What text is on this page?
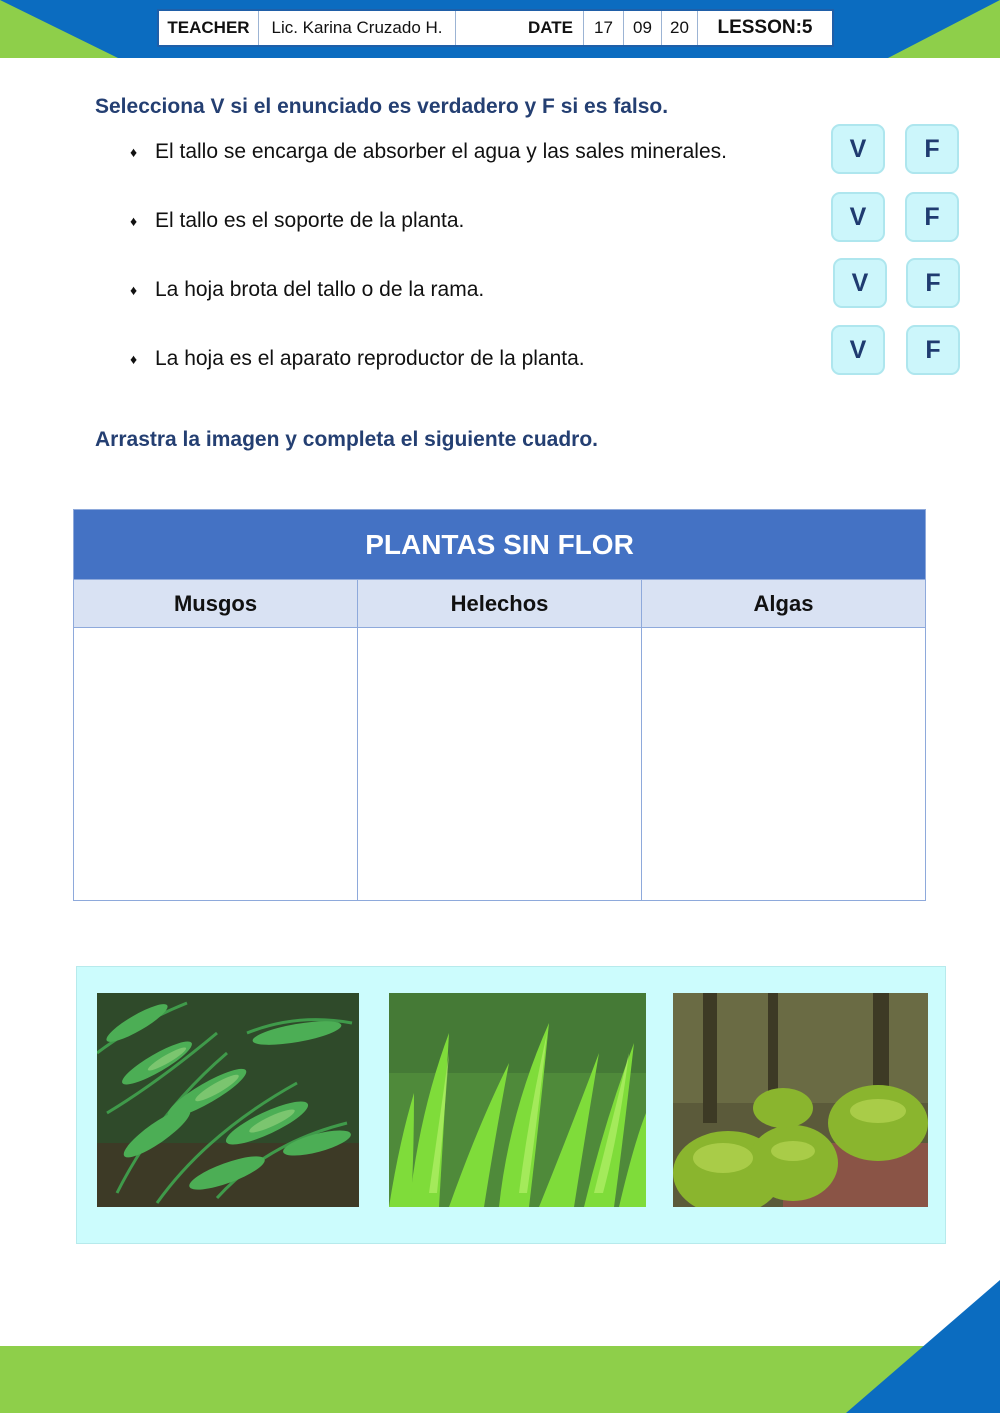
TEACHER	Lic. Karina Cruzado H.	DATE	17	09	20	LESSON:5
Selecciona V si el enunciado es verdadero y F si es falso.
♦ El tallo se encarga de absorber el agua y las sales minerales.
♦ El tallo es el soporte de la planta.
♦ La hoja brota del tallo o de la rama.
♦ La hoja es el aparato reproductor de la planta.
V	F
V	F
V	F
V	F
Arrastra la imagen y completa el siguiente cuadro.
PLANTAS SIN FLOR		
Musgos	Helechos	Algas
